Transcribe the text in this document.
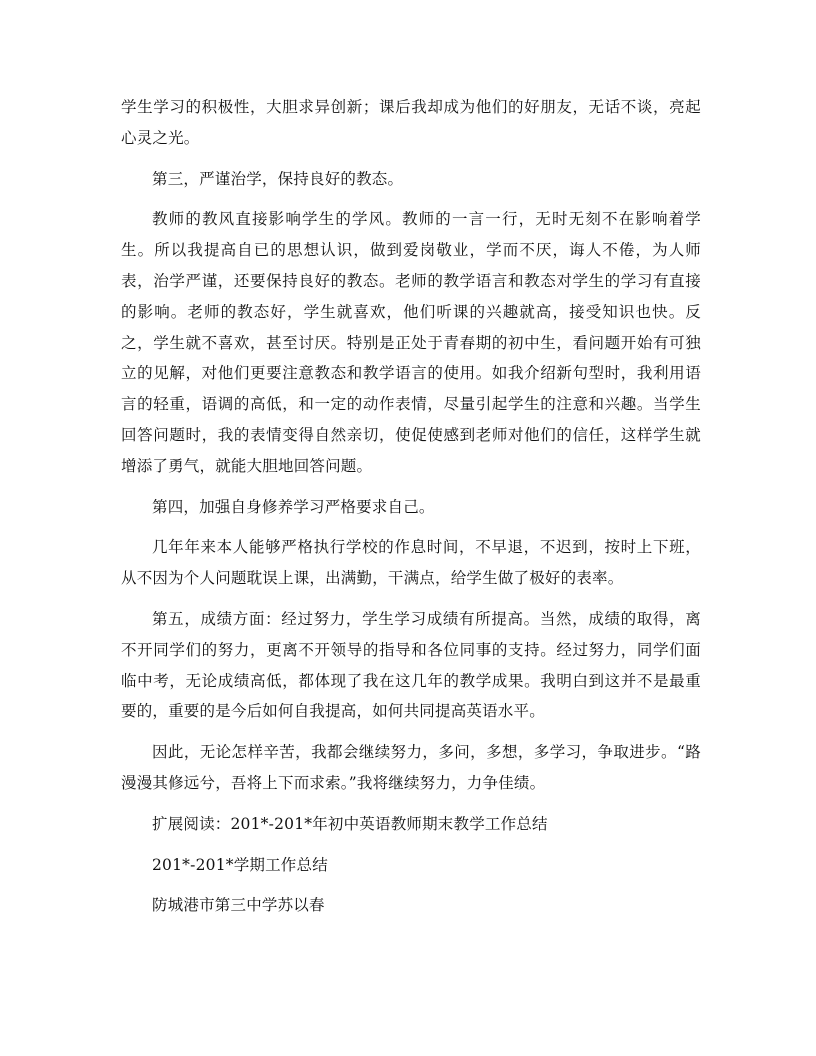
学生学习的积极性，大胆求异创新；课后我却成为他们的好朋友，无话不谈，亮起心灵之光。

第三，严谨治学，保持良好的教态。

教师的教风直接影响学生的学风。教师的一言一行，无时无刻不在影响着学生。所以我提高自已的思想认识，做到爱岗敬业，学而不厌，诲人不倦，为人师表，治学严谨，还要保持良好的教态。老师的教学语言和教态对学生的学习有直接的影响。老师的教态好，学生就喜欢，他们听课的兴趣就高，接受知识也快。反之，学生就不喜欢，甚至讨厌。特别是正处于青春期的初中生，看问题开始有可独立的见解，对他们更要注意教态和教学语言的使用。如我介绍新句型时，我利用语言的轻重，语调的高低，和一定的动作表情，尽量引起学生的注意和兴趣。当学生回答问题时，我的表情变得自然亲切，使促使感到老师对他们的信任，这样学生就增添了勇气，就能大胆地回答问题。

第四，加强自身修养学习严格要求自己。

几年年来本人能够严格执行学校的作息时间，不早退，不迟到，按时上下班，从不因为个人问题耽误上课，出满勤，干满点，给学生做了极好的表率。

第五，成绩方面：经过努力，学生学习成绩有所提高。当然，成绩的取得，离不开同学们的努力，更离不开领导的指导和各位同事的支持。经过努力，同学们面临中考，无论成绩高低，都体现了我在这几年的教学成果。我明白到这并不是最重要的，重要的是今后如何自我提高，如何共同提高英语水平。

因此，无论怎样辛苦，我都会继续努力，多问，多想，多学习，争取进步。“路漫漫其修远兮，吾将上下而求索。”我将继续努力，力争佳绩。

扩展阅读：201*-201*年初中英语教师期末教学工作总结

201*-201*学期工作总结

防城港市第三中学苏以春
